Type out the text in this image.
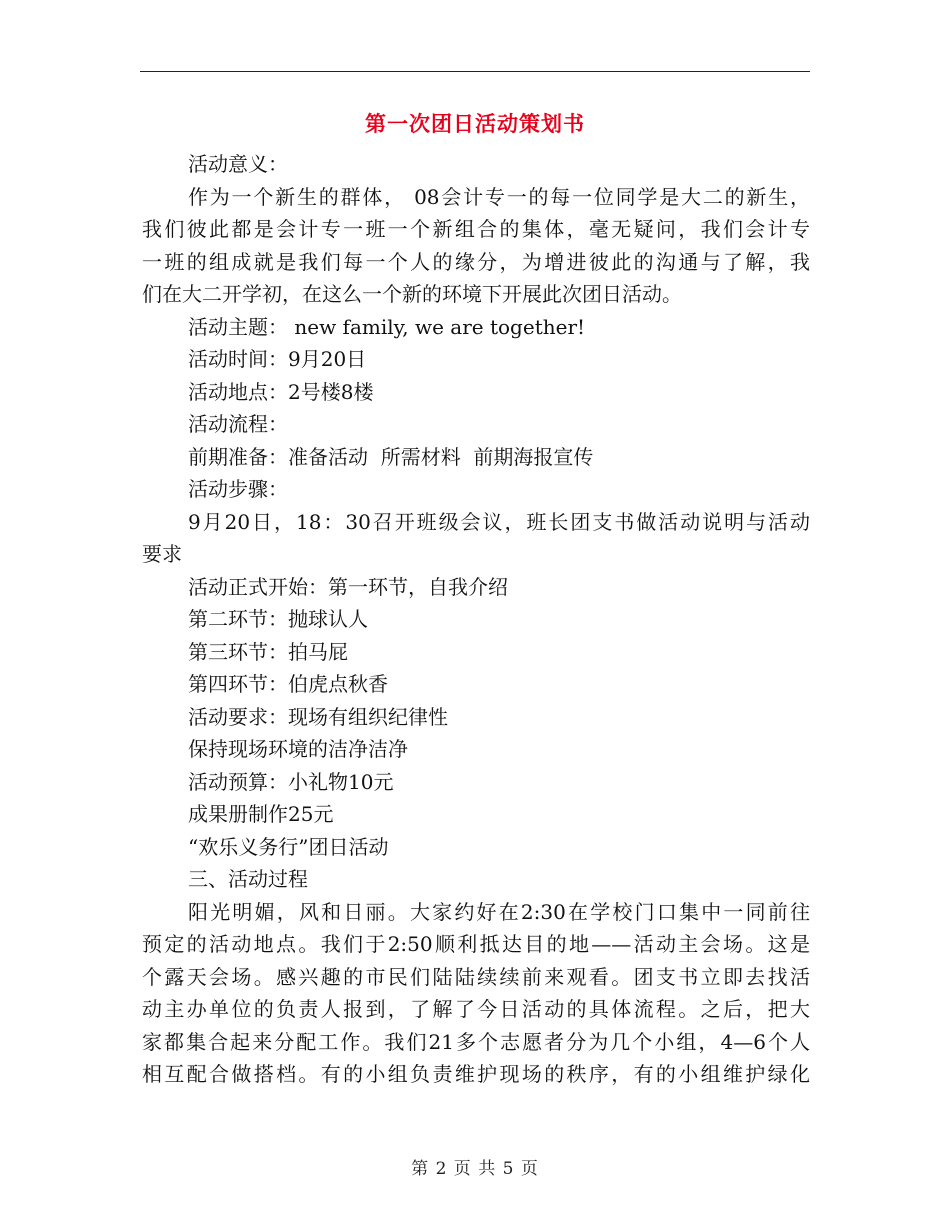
第一次团日活动策划书
活动意义：
作为一个新生的群体， 08会计专一的每一位同学是大二的新生，
我们彼此都是会计专一班一个新组合的集体，毫无疑问，我们会计专
一班的组成就是我们每一个人的缘分，为增进彼此的沟通与了解，我
们在大二开学初，在这么一个新的环境下开展此次团日活动。
活动主题： new family, we are together!
活动时间：9月20日
活动地点：2号楼8楼
活动流程：
前期准备：准备活动  所需材料  前期海报宣传
活动步骤：
9月20日，18：30召开班级会议，班长团支书做活动说明与活动
要求
活动正式开始：第一环节，自我介绍
第二环节：抛球认人
第三环节：拍马屁
第四环节：伯虎点秋香
活动要求：现场有组织纪律性
保持现场环境的洁净洁净
活动预算：小礼物10元
成果册制作25元
“欢乐义务行”团日活动
三、活动过程
阳光明媚，风和日丽。大家约好在2:30在学校门口集中一同前往
预定的活动地点。我们于2:50顺利抵达目的地——活动主会场。这是
个露天会场。感兴趣的市民们陆陆续续前来观看。团支书立即去找活
动主办单位的负责人报到，了解了今日活动的具体流程。之后，把大
家都集合起来分配工作。我们21多个志愿者分为几个小组，4—6个人
相互配合做搭档。有的小组负责维护现场的秩序，有的小组维护绿化
第 2 页 共 5 页
